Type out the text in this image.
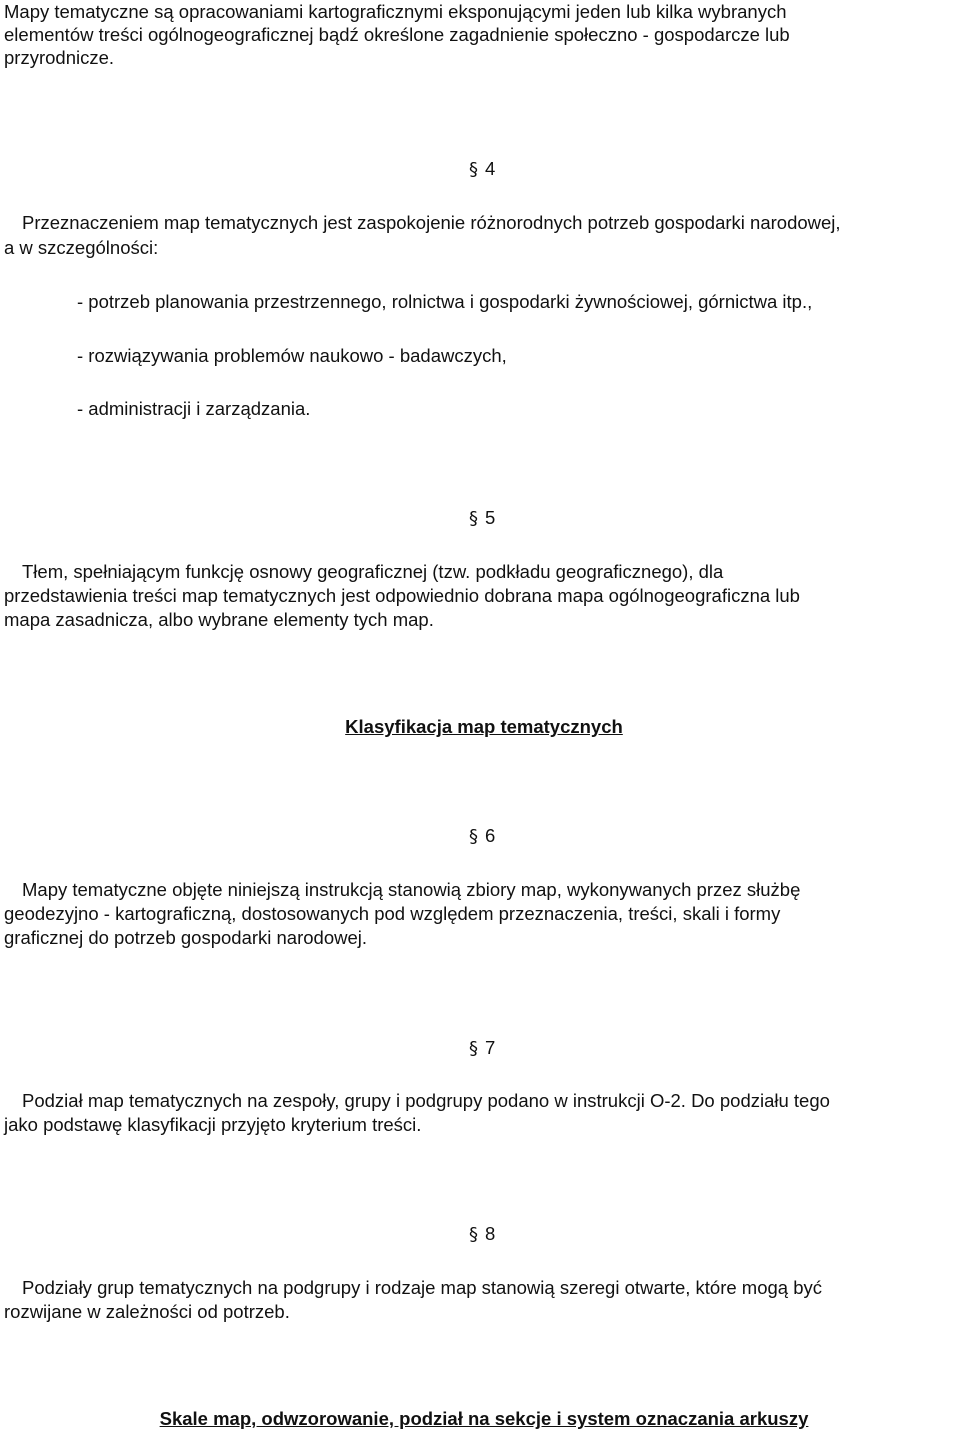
Mapy tematyczne są opracowaniami kartograficznymi eksponującymi jeden lub kilka wybranych
elementów treści ogólnogeograficznej bądź określone zagadnienie społeczno - gospodarcze lub
przyrodnicze.
§ 4
Przeznaczeniem map tematycznych jest zaspokojenie różnorodnych potrzeb gospodarki narodowej,
a w szczególności:
- potrzeb planowania przestrzennego, rolnictwa i gospodarki żywnościowej, górnictwa itp.,
- rozwiązywania problemów naukowo - badawczych,
- administracji i zarządzania.
§ 5
Tłem, spełniającym funkcję osnowy geograficznej (tzw. podkładu geograficznego), dla
przedstawienia treści map tematycznych jest odpowiednio dobrana mapa ogólnogeograficzna lub
mapa zasadnicza, albo wybrane elementy tych map.
Klasyfikacja map tematycznych
§ 6
Mapy tematyczne objęte niniejszą instrukcją stanowią zbiory map, wykonywanych przez służbę
geodezyjno - kartograficzną, dostosowanych pod względem przeznaczenia, treści, skali i formy
graficznej do potrzeb gospodarki narodowej.
§ 7
Podział map tematycznych na zespoły, grupy i podgrupy podano w instrukcji O-2. Do podziału tego
jako podstawę klasyfikacji przyjęto kryterium treści.
§ 8
Podziały grup tematycznych na podgrupy i rodzaje map stanowią szeregi otwarte, które mogą być
rozwijane w zależności od potrzeb.
Skale map, odwzorowanie, podział na sekcje i system oznaczania arkuszy
